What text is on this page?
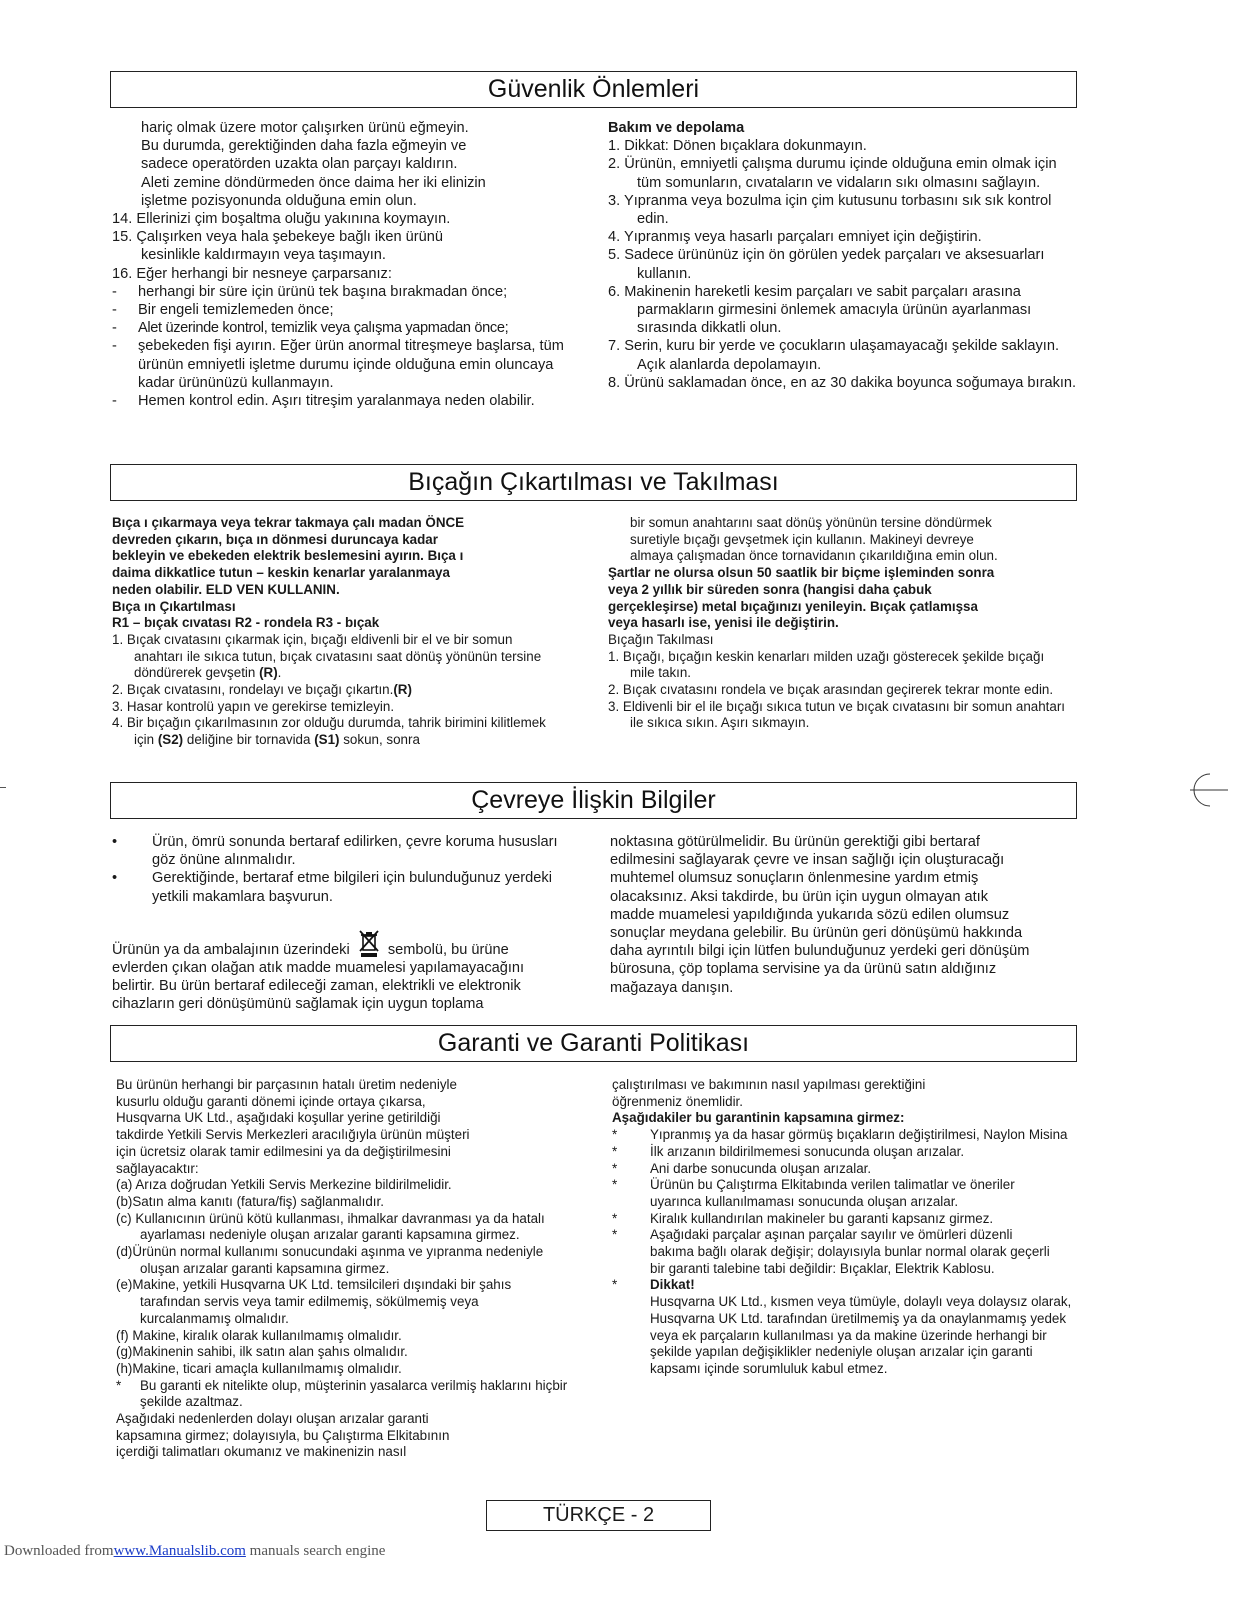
Güvenlik Önlemleri

hariç olmak üzere motor çalışırken ürünü eğmeyin.

Bu durumda, gerektiğinden daha fazla eğmeyin ve

sadece operatörden uzakta olan parçayı kaldırın.

Aleti zemine döndürmeden önce daima her iki elinizin

işletme pozisyonunda olduğuna emin olun.

14. Ellerinizi çim boşaltma oluğu yakınına koymayın.

15. Çalışırken veya hala şebekeye bağlı iken ürünü

kesinlikle kaldırmayın veya taşımayın.

16. Eğer herhangi bir nesneye çarparsanız:

-	herhangi bir süre için ürünü tek başına bırakmadan önce;
-	Bir engeli temizlemeden önce;
-	Alet üzerinde kontrol, temizlik veya çalışma yapmadan önce;
-	şebekeden fişi ayırın. Eğer ürün anormal titreşmeye başlarsa, tüm ürünün emniyetli işletme durumu içinde olduğuna emin oluncaya kadar ürününüzü kullanmayın.
-	Hemen kontrol edin. Aşırı titreşim yaralanmaya neden olabilir.

Bakım ve depolama

1. Dikkat: Dönen bıçaklara dokunmayın.

2. Ürünün, emniyetli çalışma durumu içinde olduğuna emin olmak için tüm somunların, cıvataların ve vidaların sıkı olmasını sağlayın.

3. Yıpranma veya bozulma için çim kutusunu torbasını sık sık kontrol edin.

4. Yıpranmış veya hasarlı parçaları emniyet için değiştirin.

5. Sadece ürününüz için ön görülen yedek parçaları ve aksesuarları kullanın.

6. Makinenin hareketli kesim parçaları ve sabit parçaları arasına parmakların girmesini önlemek amacıyla ürünün ayarlanması sırasında dikkatli olun.

7. Serin, kuru bir yerde ve çocukların ulaşamayacağı şekilde saklayın. Açık alanlarda depolamayın.

8. Ürünü saklamadan önce, en az 30 dakika boyunca soğumaya bırakın.

Bıçağın Çıkartılması ve Takılması

Bıça ı çıkarmaya veya tekrar takmaya çalı madan ÖNCE

devreden çıkarın, bıça ın dönmesi duruncaya kadar

bekleyin ve ebekeden elektrik beslemesini ayırın. Bıça ı

daima dikkatlice tutun – keskin kenarlar yaralanmaya

neden olabilir. ELD VEN KULLANIN.

Bıça ın Çıkartılması

R1 – bıçak cıvatası R2 - rondela R3 - bıçak

1. Bıçak cıvatasını çıkarmak için, bıçağı eldivenli bir el ve bir somun anahtarı ile sıkıca tutun, bıçak cıvatasını saat dönüş yönünün tersine döndürerek gevşetin (R).

2. Bıçak cıvatasını, rondelayı ve bıçağı çıkartın.(R)

3. Hasar kontrolü yapın ve gerekirse temizleyin.

4. Bir bıçağın çıkarılmasının zor olduğu durumda, tahrik birimini kilitlemek için (S2) deliğine bir tornavida (S1) sokun, sonra

bir somun anahtarını saat dönüş yönünün tersine döndürmek

suretiyle bıçağı gevşetmek için kullanın. Makineyi devreye

almaya çalışmadan önce tornavidanın çıkarıldığına emin olun.

Şartlar ne olursa olsun 50 saatlik bir biçme işleminden sonra

veya 2 yıllık bir süreden sonra (hangisi daha çabuk

gerçekleşirse) metal bıçağınızı yenileyin. Bıçak çatlamışsa

veya hasarlı ise, yenisi ile değiştirin.

Bıçağın Takılması

1. Bıçağı, bıçağın keskin kenarları milden uzağı gösterecek şekilde bıçağı mile takın.

2. Bıçak cıvatasını rondela ve bıçak arasından geçirerek tekrar monte edin.

3. Eldivenli bir el ile bıçağı sıkıca tutun ve bıçak cıvatasını bir somun anahtarı ile sıkıca sıkın. Aşırı sıkmayın.

Çevreye İlişkin Bilgiler
•	Ürün, ömrü sonunda bertaraf edilirken, çevre koruma hususları göz önüne alınmalıdır.
•	Gerektiğinde, bertaraf etme bilgileri için bulunduğunuz yerdeki yetkili makamlara başvurun.

Ürünün ya da ambalajının üzerindeki	sembolü, bu ürüne

evlerden çıkan olağan atık madde muamelesi yapılamayacağını

belirtir. Bu ürün bertaraf edileceği zaman, elektrikli ve elektronik

cihazların geri dönüşümünü sağlamak için uygun toplama

noktasına götürülmelidir. Bu ürünün gerektiği gibi bertaraf

edilmesini sağlayarak çevre ve insan sağlığı için oluşturacağı

muhtemel olumsuz sonuçların önlenmesine yardım etmiş

olacaksınız. Aksi takdirde, bu ürün için uygun olmayan atık

madde muamelesi yapıldığında yukarıda sözü edilen olumsuz

sonuçlar meydana gelebilir. Bu ürünün geri dönüşümü hakkında

daha ayrıntılı bilgi için lütfen bulunduğunuz yerdeki geri dönüşüm

bürosuna, çöp toplama servisine ya da ürünü satın aldığınız

mağazaya danışın.

Garanti ve Garanti Politikası

Bu ürünün herhangi bir parçasının hatalı üretim nedeniyle

kusurlu olduğu garanti dönemi içinde ortaya çıkarsa,

Husqvarna UK Ltd., aşağıdaki koşullar yerine getirildiği

takdirde Yetkili Servis Merkezleri aracılığıyla ürünün müşteri

için ücretsiz olarak tamir edilmesini ya da değiştirilmesini

sağlayacaktır:

(a) Arıza doğrudan Yetkili Servis Merkezine bildirilmelidir.

(b)Satın alma kanıtı (fatura/fiş) sağlanmalıdır.

(c) Kullanıcının ürünü kötü kullanması, ihmalkar davranması ya da hatalı ayarlaması nedeniyle oluşan arızalar garanti kapsamına girmez.

(d)Ürünün normal kullanımı sonucundaki aşınma ve yıpranma nedeniyle oluşan arızalar garanti kapsamına girmez.

(e)Makine, yetkili Husqvarna UK Ltd. temsilcileri dışındaki bir şahıs tarafından servis veya tamir edilmemiş, sökülmemiş veya kurcalanmamış olmalıdır.

(f) Makine, kiralık olarak kullanılmamış olmalıdır.

(g)Makinenin sahibi, ilk satın alan şahıs olmalıdır.

(h)Makine, ticari amaçla kullanılmamış olmalıdır.

*	Bu garanti ek nitelikte olup, müşterinin yasalarca verilmiş haklarını hiçbir şekilde azaltmaz.

Aşağıdaki nedenlerden dolayı oluşan arızalar garanti

kapsamına girmez; dolayısıyla, bu Çalıştırma Elkitabının

içerdiği talimatları okumanız ve makinenizin nasıl

çalıştırılması ve bakımının nasıl yapılması gerektiğini

öğrenmeniz önemlidir.

Aşağıdakiler bu garantinin kapsamına girmez:

*	Yıpranmış ya da hasar görmüş bıçakların değiştirilmesi, Naylon Misina
*	İlk arızanın bildirilmemesi sonucunda oluşan arızalar.
*	Ani darbe sonucunda oluşan arızalar.
*	Ürünün bu Çalıştırma Elkitabında verilen talimatlar ve öneriler uyarınca kullanılmaması sonucunda oluşan arızalar.
*	Kiralık kullandırılan makineler bu garanti kapsanız girmez.
*	Aşağıdaki parçalar aşınan parçalar sayılır ve ömürleri düzenli bakıma bağlı olarak değişir; dolayısıyla bunlar normal olarak geçerli bir garanti talebine tabi değildir: Bıçaklar, Elektrik Kablosu.
*	Dikkat!

Husqvarna UK Ltd., kısmen veya tümüyle, dolaylı veya dolaysız olarak, Husqvarna UK Ltd. tarafından üretilmemiş ya da onaylanmamış yedek veya ek parçaların kullanılması ya da makine üzerinde herhangi bir şekilde yapılan değişiklikler nedeniyle oluşan arızalar için garanti kapsamı içinde sorumluluk kabul etmez.

TÜRKÇE - 2
Downloaded fromwww.Manualslib.com manuals search engine
